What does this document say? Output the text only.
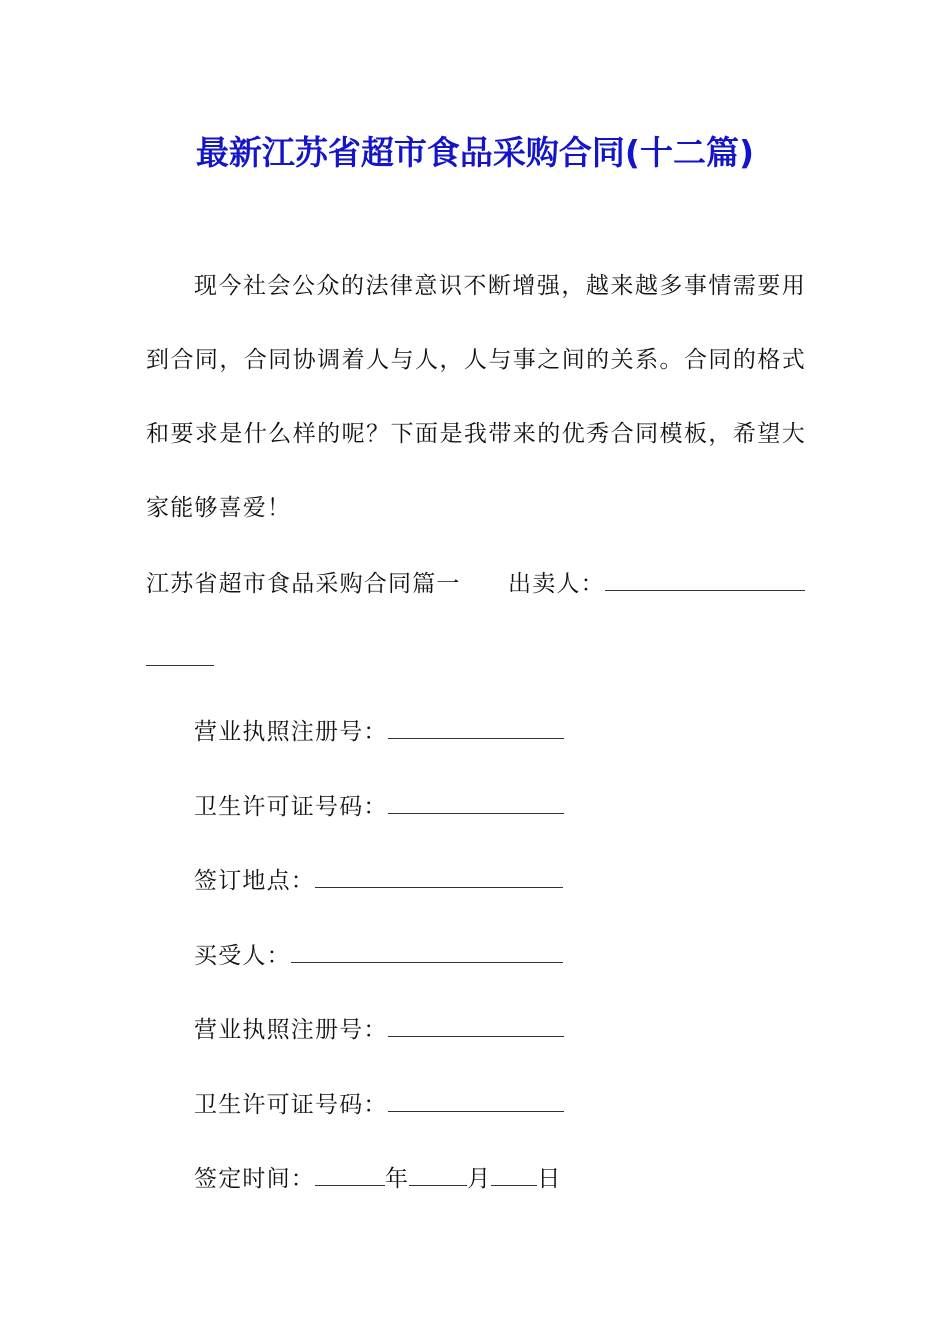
最新江苏省超市食品采购合同(十二篇)
现今社会公众的法律意识不断增强，越来越多事情需要用到合同，合同协调着人与人，人与事之间的关系。合同的格式和要求是什么样的呢？下面是我带来的优秀合同模板，希望大家能够喜爱！
江苏省超市食品采购合同篇一 出卖人：
营业执照注册号：
卫生许可证号码：
签订地点：
买受人：
营业执照注册号：
卫生许可证号码：
签定时间：	年	月 日
